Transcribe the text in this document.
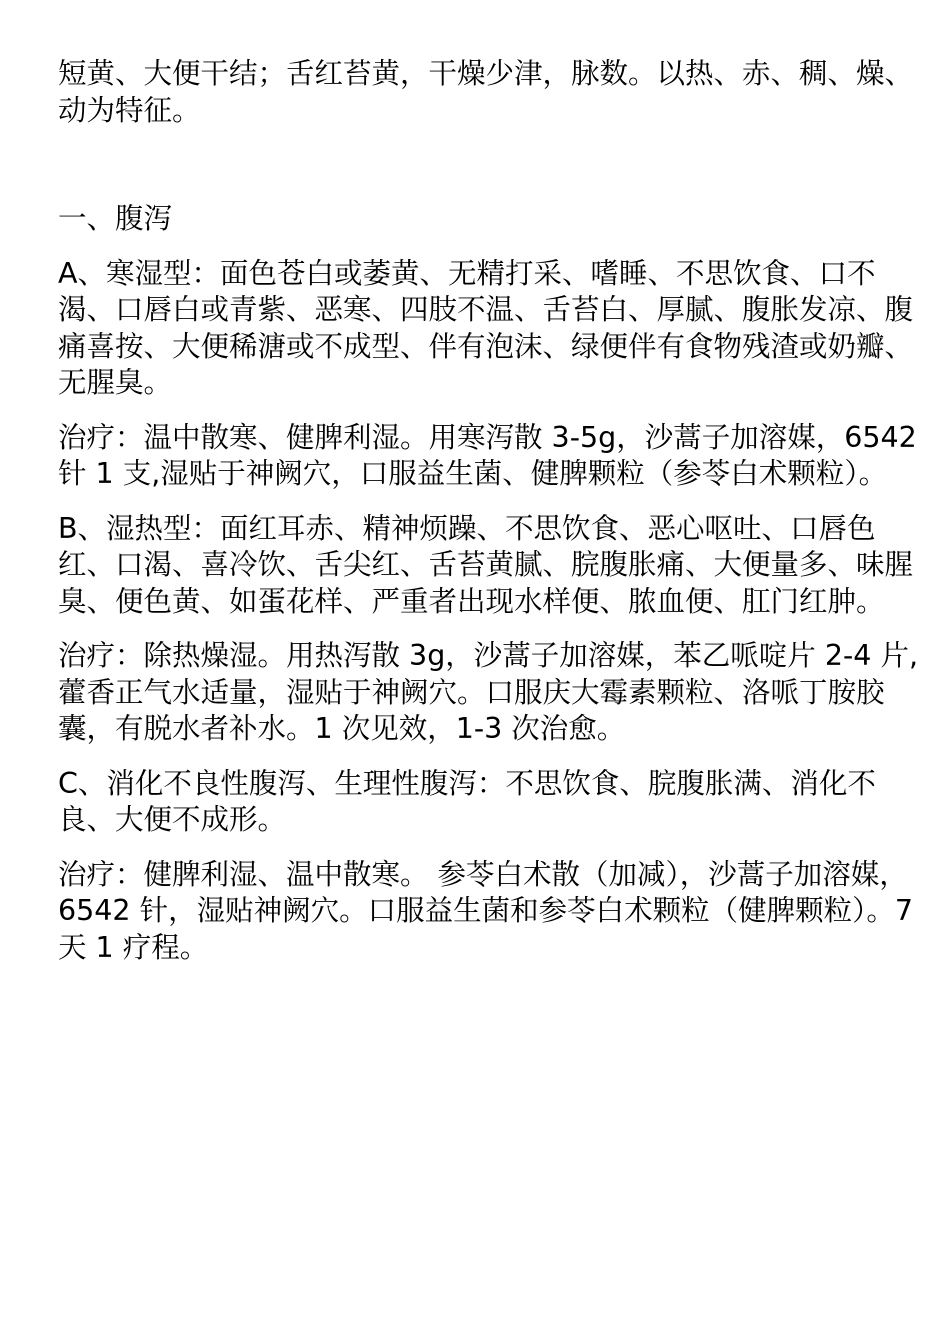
短黄、大便干结；舌红苔黄，干燥少津，脉数。以热、赤、稠、燥、动为特征。

一、腹泻

A、寒湿型：面色苍白或萎黄、无精打采、嗜睡、不思饮食、口不渴、口唇白或青紫、恶寒、四肢不温、舌苔白、厚腻、腹胀发凉、腹痛喜按、大便稀溏或不成型、伴有泡沫、绿便伴有食物残渣或奶瓣、无腥臭。

治疗：温中散寒、健脾利湿。用寒泻散 3-5g，沙蒿子加溶媒，6542 针 1 支,湿贴于神阙穴，口服益生菌、健脾颗粒（参苓白术颗粒）。

B、湿热型：面红耳赤、精神烦躁、不思饮食、恶心呕吐、口唇色红、口渴、喜冷饮、舌尖红、舌苔黄腻、脘腹胀痛、大便量多、味腥臭、便色黄、如蛋花样、严重者出现水样便、脓血便、肛门红肿。

治疗：除热燥湿。用热泻散 3g，沙蒿子加溶媒，苯乙哌啶片 2-4 片,藿香正气水适量，湿贴于神阙穴。口服庆大霉素颗粒、洛哌丁胺胶囊，有脱水者补水。1 次见效，1-3 次治愈。

C、消化不良性腹泻、生理性腹泻：不思饮食、脘腹胀满、消化不良、大便不成形。

治疗：健脾利湿、温中散寒。 参苓白术散（加减），沙蒿子加溶媒， 6542 针，湿贴神阙穴。口服益生菌和参苓白术颗粒（健脾颗粒）。7 天 1 疗程。
